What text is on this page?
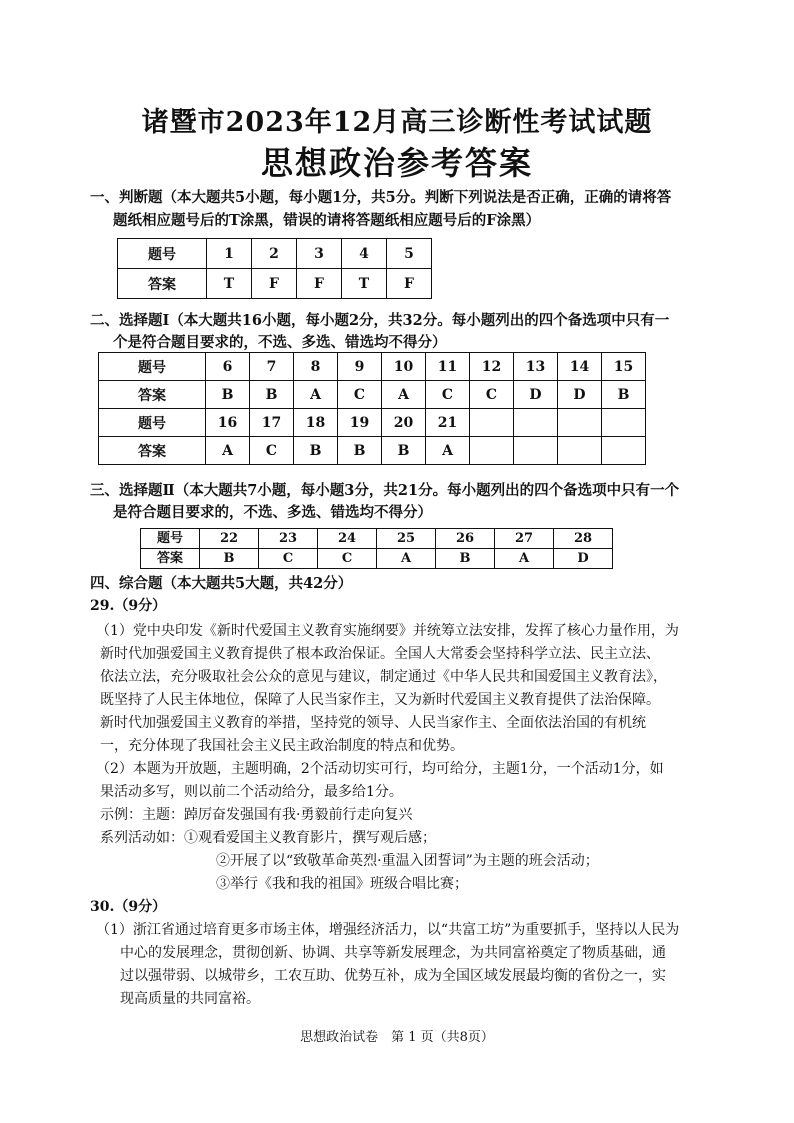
诸暨市2023年12月高三诊断性考试试题
思想政治参考答案
一、判断题（本大题共5小题，每小题1分，共5分。判断下列说法是否正确，正确的请将答
题纸相应题号后的T涂黑，错误的请将答题纸相应题号后的F涂黑）
题号	1	2	3	4	5
答案	T	F	F	T	F
二、选择题Ⅰ（本大题共16小题，每小题2分，共32分。每小题列出的四个备选项中只有一
个是符合题目要求的，不选、多选、错选均不得分）
题号	6	7	8	9	10	11	12	13	14	15
答案	B	B	A	C	A	C	C	D	D	B
题号	16	17	18	19	20	21				
答案	A	C	B	B	B	A				
三、选择题Ⅱ（本大题共7小题，每小题3分，共21分。每小题列出的四个备选项中只有一个
是符合题目要求的，不选、多选、错选均不得分）
题号	22	23	24	25	26	27	28
答案	B	C	C	A	B	A	D
四、综合题（本大题共5大题，共42分）
29.（9分）
（1）党中央印发《新时代爱国主义教育实施纲要》并统筹立法安排，发挥了核心力量作用，为
新时代加强爱国主义教育提供了根本政治保证。全国人大常委会坚持科学立法、民主立法、
依法立法，充分吸取社会公众的意见与建议，制定通过《中华人民共和国爱国主义教育法》，
既坚持了人民主体地位，保障了人民当家作主，又为新时代爱国主义教育提供了法治保障。
新时代加强爱国主义教育的举措，坚持党的领导、人民当家作主、全面依法治国的有机统
一，充分体现了我国社会主义民主政治制度的特点和优势。
（2）本题为开放题，主题明确，2个活动切实可行，均可给分，主题1分，一个活动1分，如
果活动多写，则以前二个活动给分，最多给1分。
示例：主题：踔厉奋发强国有我·勇毅前行走向复兴
系列活动如：①观看爱国主义教育影片，撰写观后感；
②开展了以“致敬革命英烈·重温入团誓词”为主题的班会活动；
③举行《我和我的祖国》班级合唱比赛；
30.（9分）
（1）浙江省通过培育更多市场主体，增强经济活力，以“共富工坊”为重要抓手，坚持以人民为
中心的发展理念，贯彻创新、协调、共享等新发展理念，为共同富裕奠定了物质基础，通
过以强带弱、以城带乡，工农互助、优势互补，成为全国区域发展最均衡的省份之一，实
现高质量的共同富裕。
思想政治试卷　第 1 页（共8页）
